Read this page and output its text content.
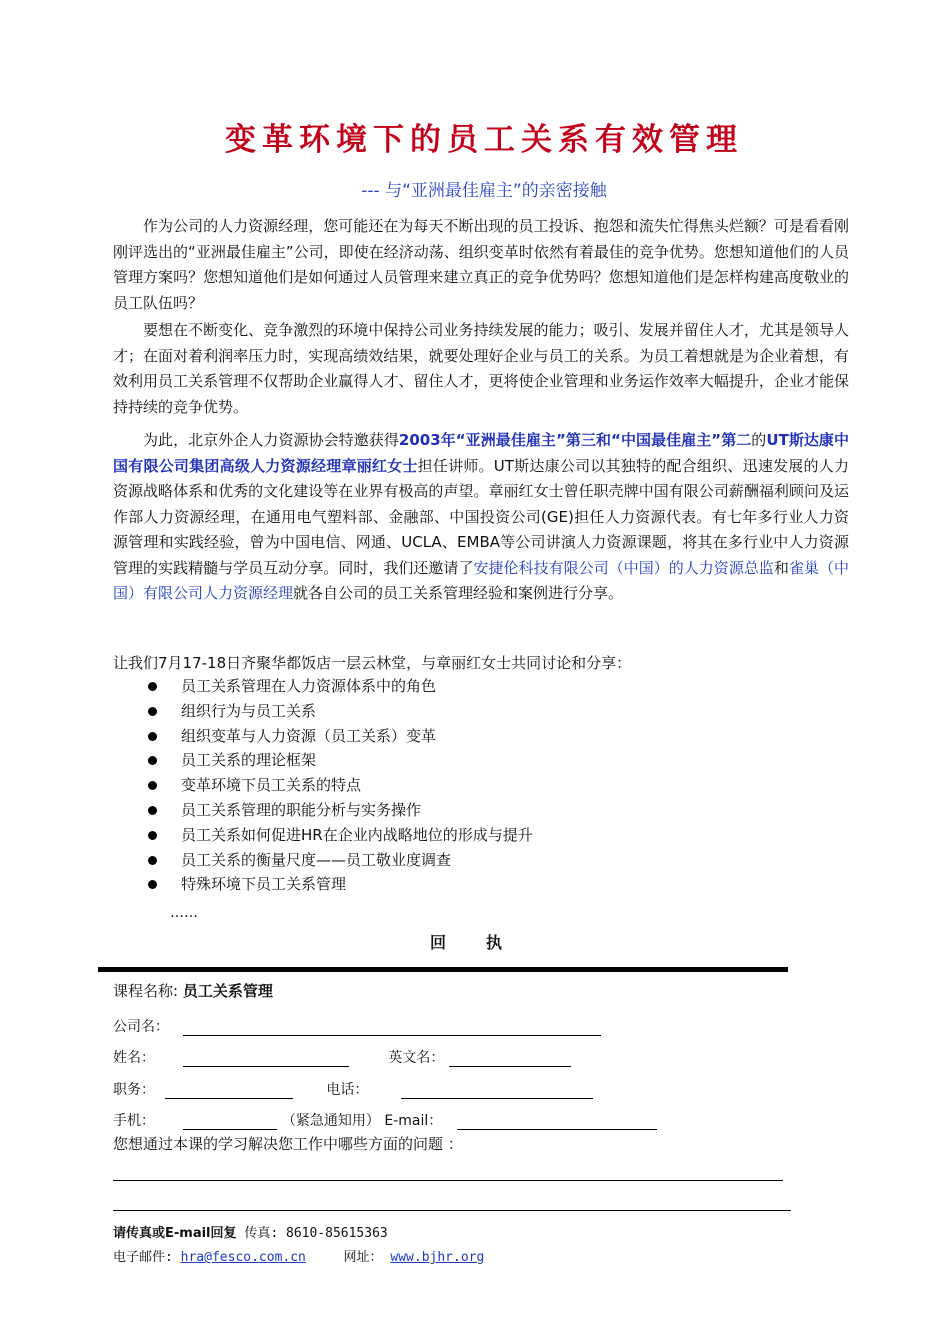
变革环境下的员工关系有效管理
--- 与“亚洲最佳雇主”的亲密接触
作为公司的人力资源经理，您可能还在为每天不断出现的员工投诉、抱怨和流失忙得焦头烂额？可是看看刚刚评选出的“亚洲最佳雇主”公司，即使在经济动荡、组织变革时依然有着最佳的竞争优势。您想知道他们的人员管理方案吗？您想知道他们是如何通过人员管理来建立真正的竞争优势吗？您想知道他们是怎样构建高度敬业的员工队伍吗？
要想在不断变化、竞争激烈的环境中保持公司业务持续发展的能力；吸引、发展并留住人才，尤其是领导人才；在面对着利润率压力时，实现高绩效结果，就要处理好企业与员工的关系。为员工着想就是为企业着想，有效利用员工关系管理不仅帮助企业赢得人才、留住人才，更将使企业管理和业务运作效率大幅提升，企业才能保持持续的竞争优势。
为此，北京外企人力资源协会特邀获得2003年“亚洲最佳雇主”第三和“中国最佳雇主”第二的UT斯达康中国有限公司集团高级人力资源经理章丽红女士担任讲师。UT斯达康公司以其独特的配合组织、迅速发展的人力资源战略体系和优秀的文化建设等在业界有极高的声望。章丽红女士曾任职壳牌中国有限公司薪酬福利顾问及运作部人力资源经理，在通用电气塑料部、金融部、中国投资公司(GE)担任人力资源代表。有七年多行业人力资源管理和实践经验，曾为中国电信、网通、UCLA、EMBA等公司讲演人力资源课题，将其在多行业中人力资源管理的实践精髓与学员互动分享。同时，我们还邀请了安捷伦科技有限公司（中国）的人力资源总监和雀巢（中国）有限公司人力资源经理就各自公司的员工关系管理经验和案例进行分享。
让我们7月17-18日齐聚华都饭店一层云林堂，与章丽红女士共同讨论和分享：
员工关系管理在人力资源体系中的角色
组织行为与员工关系
组织变革与人力资源（员工关系）变革
员工关系的理论框架
变革环境下员工关系的特点
员工关系管理的职能分析与实务操作
员工关系如何促进HR在企业内战略地位的形成与提升
员工关系的衡量尺度——员工敬业度调查
特殊环境下员工关系管理
……
回执
课程名称: 员工关系管理
公司名：
姓名：	英文名：
职务：	电话：
手机：	（紧急通知用） E-mail：
您想通过本课的学习解决您工作中哪些方面的问题 ：
请传真或E-mail回复 传真: 8610-85615363
电子邮件: hra@fesco.com.cn	网址： www.bjhr.org
